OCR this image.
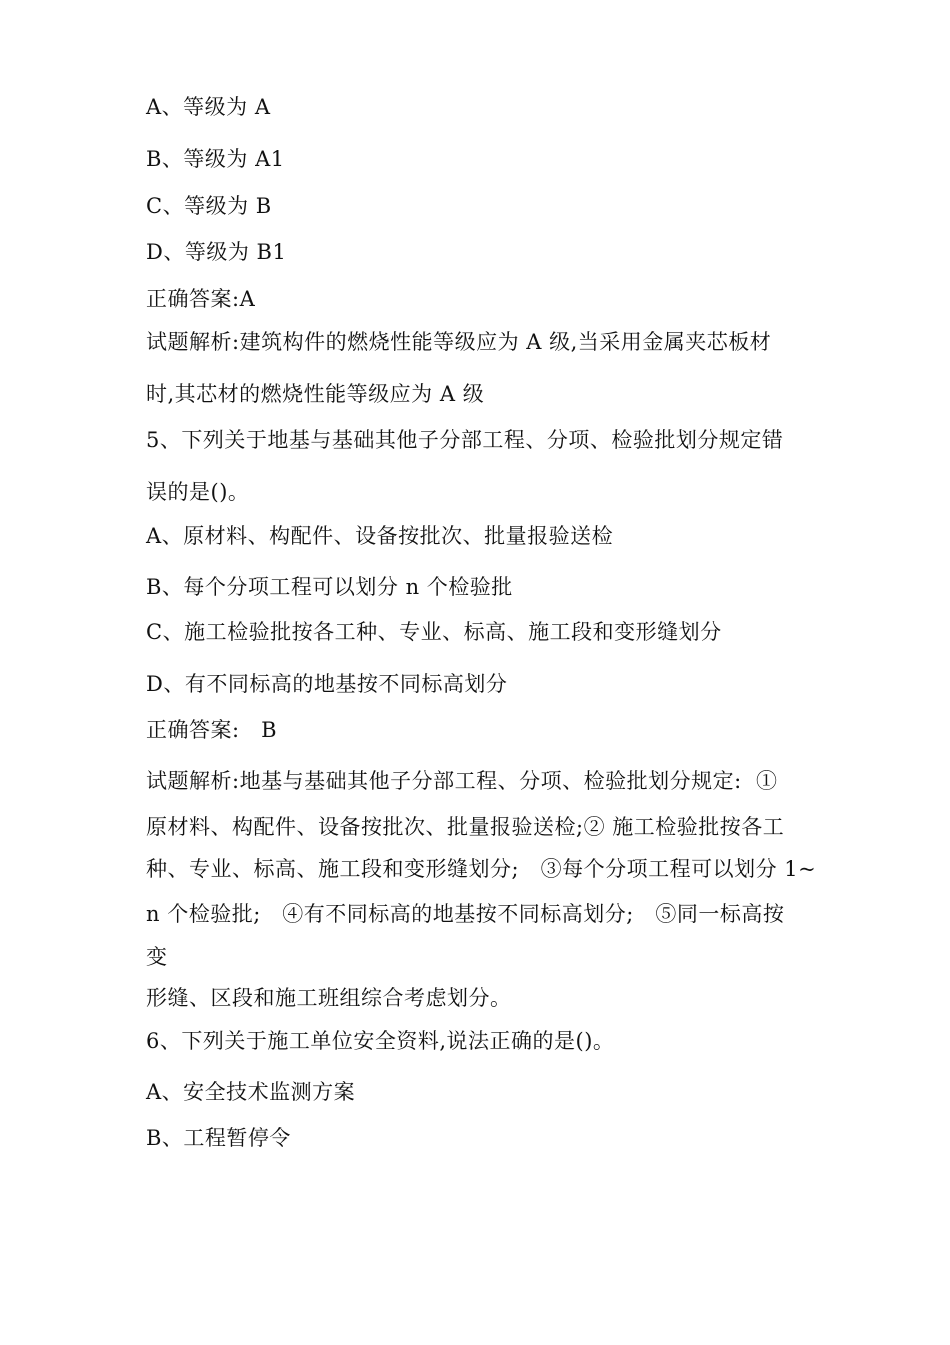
A、等级为 A
B、等级为 A1
C、等级为 B
D、等级为 B1
正确答案:A
试题解析:建筑构件的燃烧性能等级应为 A 级,当采用金属夹芯板材
时,其芯材的燃烧性能等级应为 A 级
5、下列关于地基与基础其他子分部工程、分项、检验批划分规定错
误的是()。
A、原材料、构配件、设备按批次、批量报验送检
B、每个分项工程可以划分 n 个检验批
C、施工检验批按各工种、专业、标高、施工段和变形缝划分
D、有不同标高的地基按不同标高划分
正确答案:   B
试题解析:地基与基础其他子分部工程、分项、检验批划分规定:  ①
原材料、构配件、设备按批次、批量报验送检;② 施工检验批按各工
种、专业、标高、施工段和变形缝划分;   ③每个分项工程可以划分 1~
n 个检验批;   ④有不同标高的地基按不同标高划分;   ⑤同一标高按
变
形缝、区段和施工班组综合考虑划分。
6、下列关于施工单位安全资料,说法正确的是()。
A、安全技术监测方案
B、工程暂停令
